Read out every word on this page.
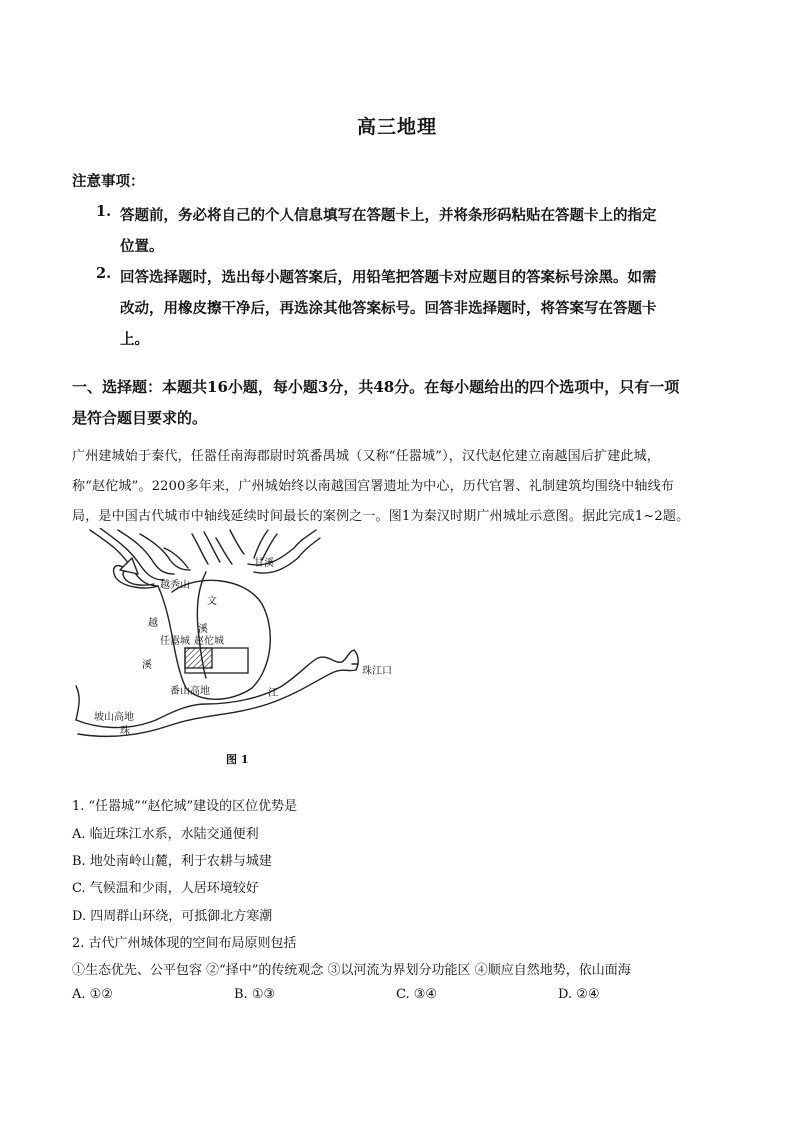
高三地理
注意事项：
1. 答题前，务必将自己的个人信息填写在答题卡上，并将条形码粘贴在答题卡上的指定
位置。
2. 回答选择题时，选出每小题答案后，用铅笔把答题卡对应题目的答案标号涂黑。如需
改动，用橡皮擦干净后，再选涂其他答案标号。回答非选择题时，将答案写在答题卡
上。
一、选择题：本题共16小题，每小题3分，共48分。在每小题给出的四个选项中，只有一项
是符合题目要求的。
广州建城始于秦代，任嚣任南海郡尉时筑番禺城（又称“任嚣城”），汉代赵佗建立南越国后扩建此城，
称“赵佗城”。2200多年来，广州城始终以南越国宫署遗址为中心，历代官署、礼制建筑均围绕中轴线布
局，是中国古代城市中轴线延续时间最长的案例之一。图1为秦汉时期广州城址示意图。据此完成1~2题。
甘溪
越秀山
文
越
溪
任嚣城 赵佗城
溪
番山高地	江
坡山高地
珠
珠江口
图 1
1. “任嚣城”“赵佗城”建设的区位优势是
A. 临近珠江水系，水陆交通便利
B. 地处南岭山麓，利于农耕与城建
C. 气候温和少雨，人居环境较好
D. 四周群山环绕，可抵御北方寒潮
2. 古代广州城体现的空间布局原则包括
①生态优先、公平包容 ②“择中”的传统观念 ③以河流为界划分功能区 ④顺应自然地势，依山面海
A. ①②	B. ①③	C. ③④	D. ②④
